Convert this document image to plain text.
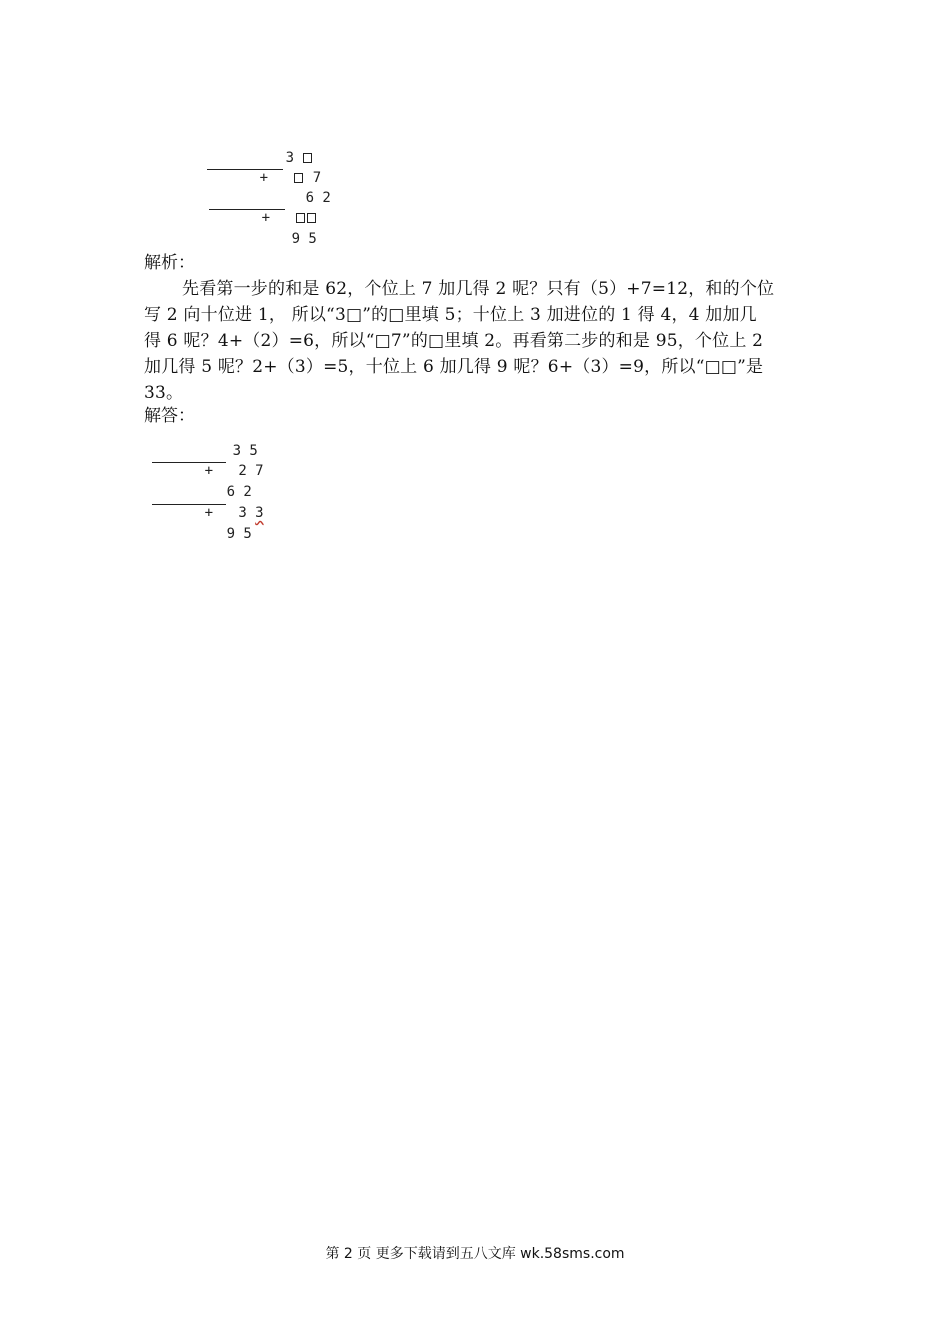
3

+	7

6 2

+

9 5

解析：
先看第一步的和是 62，个位上 7 加几得 2 呢？只有（5）+7=12，和的个位
写 2 向十位进 1， 所以“3□”的□里填 5；十位上 3 加进位的 1 得 4，4 加加几
得 6 呢？4+（2）=6，所以“□7”的□里填 2。再看第二步的和是 95，个位上 2
加几得 5 呢？2+（3）=5，十位上 6 加几得 9 呢？6+（3）=9，所以“□□”是
33。
解答：

3 5

+ 2 7

6 2

+ 3 3

9 5

第 2 页 更多下载请到五八文库 wk.58sms.com
